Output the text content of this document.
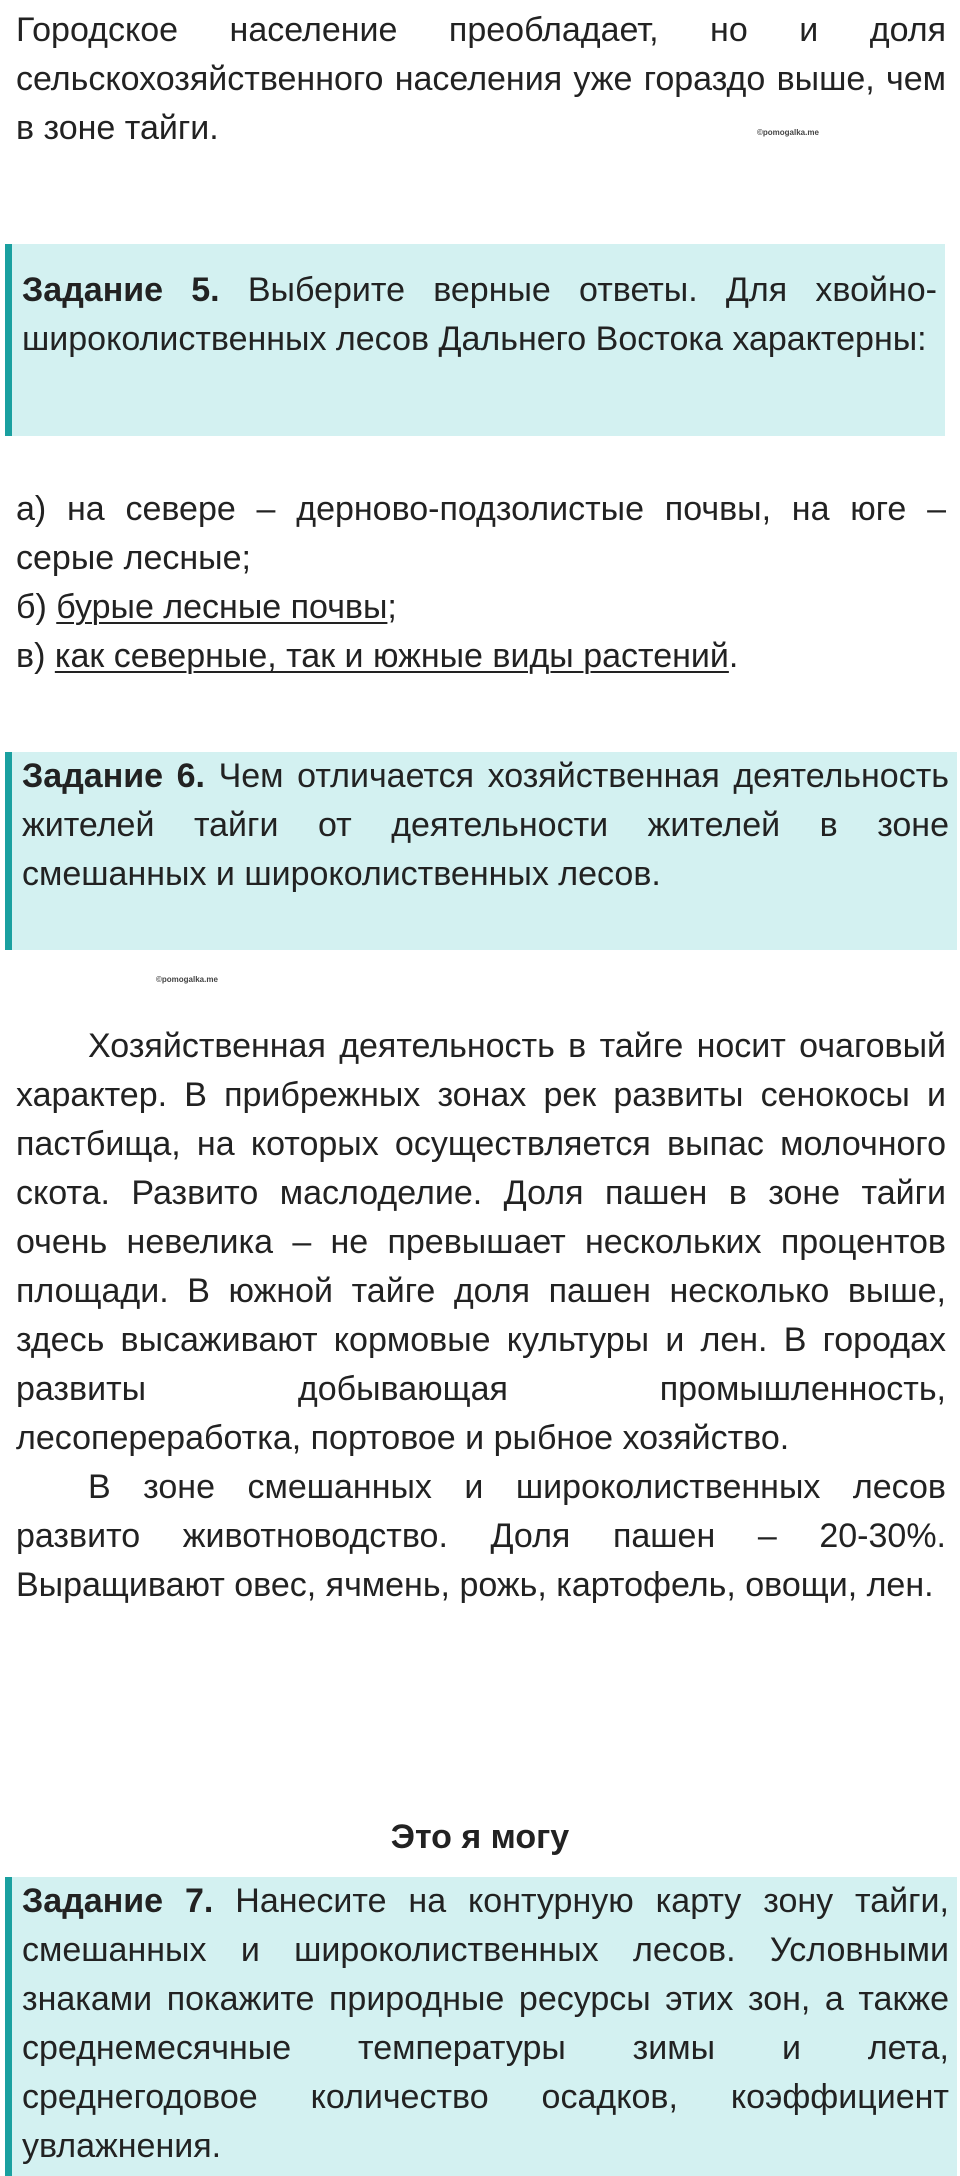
Городское население преобладает, но и доля сельскохозяйственного населения уже гораздо выше, чем в зоне тайги.	©pomogalka.me
Задание 5. Выберите верные ответы. Для хвойно-широколиственных лесов Дальнего Востока характерны:
а) на севере – дерново-подзолистые почвы, на юге – серые лесные;
б) бурые лесные почвы;
в) как северные, так и южные виды растений.
Задание 6. Чем отличается хозяйственная деятельность жителей тайги от деятельности жителей в зоне смешанных и широколиственных лесов.
©pomogalka.me

Хозяйственная деятельность в тайге носит очаговый характер. В прибрежных зонах рек развиты сенокосы и пастбища, на которых осуществляется выпас молочного скота. Развито маслоделие. Доля пашен в зоне тайги очень невелика – не превышает нескольких процентов площади. В южной тайге доля пашен несколько выше, здесь высаживают кормовые культуры и лен. В городах развиты добывающая промышленность, лесопереработка, портовое и рыбное хозяйство.

В зоне смешанных и широколиственных лесов развито животноводство. Доля пашен – 20-30%. Выращивают овес, ячмень, рожь, картофель, овощи, лен.

Это я могу
Задание 7. Нанесите на контурную карту зону тайги, смешанных и широколиственных лесов. Условными знаками покажите природные ресурсы этих зон, а также среднемесячные температуры зимы и лета, среднегодовое количество осадков, коэффициент увлажнения.
